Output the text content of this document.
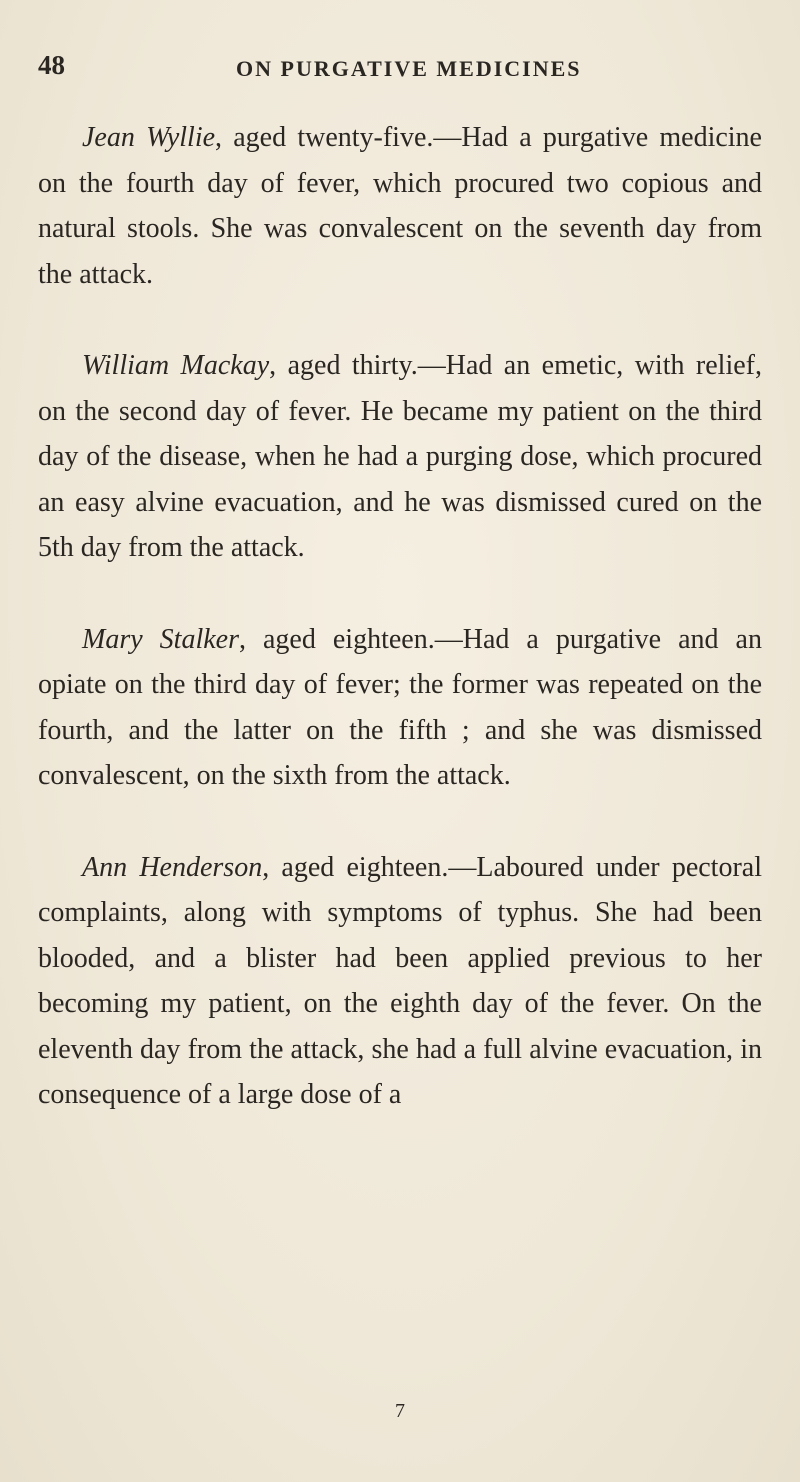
48	ON PURGATIVE MEDICINES

Jean Wyllie, aged twenty-five.—Had a purgative medicine on the fourth day of fever, which procured two copious and natural stools. She was convalescent on the seventh day from the attack.

William Mackay, aged thirty.—Had an emetic, with relief, on the second day of fever. He became my patient on the third day of the disease, when he had a purging dose, which procured an easy alvine evacuation, and he was dismissed cured on the 5th day from the attack.

Mary Stalker, aged eighteen.—Had a purgative and an opiate on the third day of fever; the former was repeated on the fourth, and the latter on the fifth ; and she was dismissed convalescent, on the sixth from the attack.

Ann Henderson, aged eighteen.—Laboured under pectoral complaints, along with symptoms of typhus. She had been blooded, and a blister had been applied previous to her becoming my patient, on the eighth day of the fever. On the eleventh day from the attack, she had a full alvine evacuation, in consequence of a large dose of a

7
